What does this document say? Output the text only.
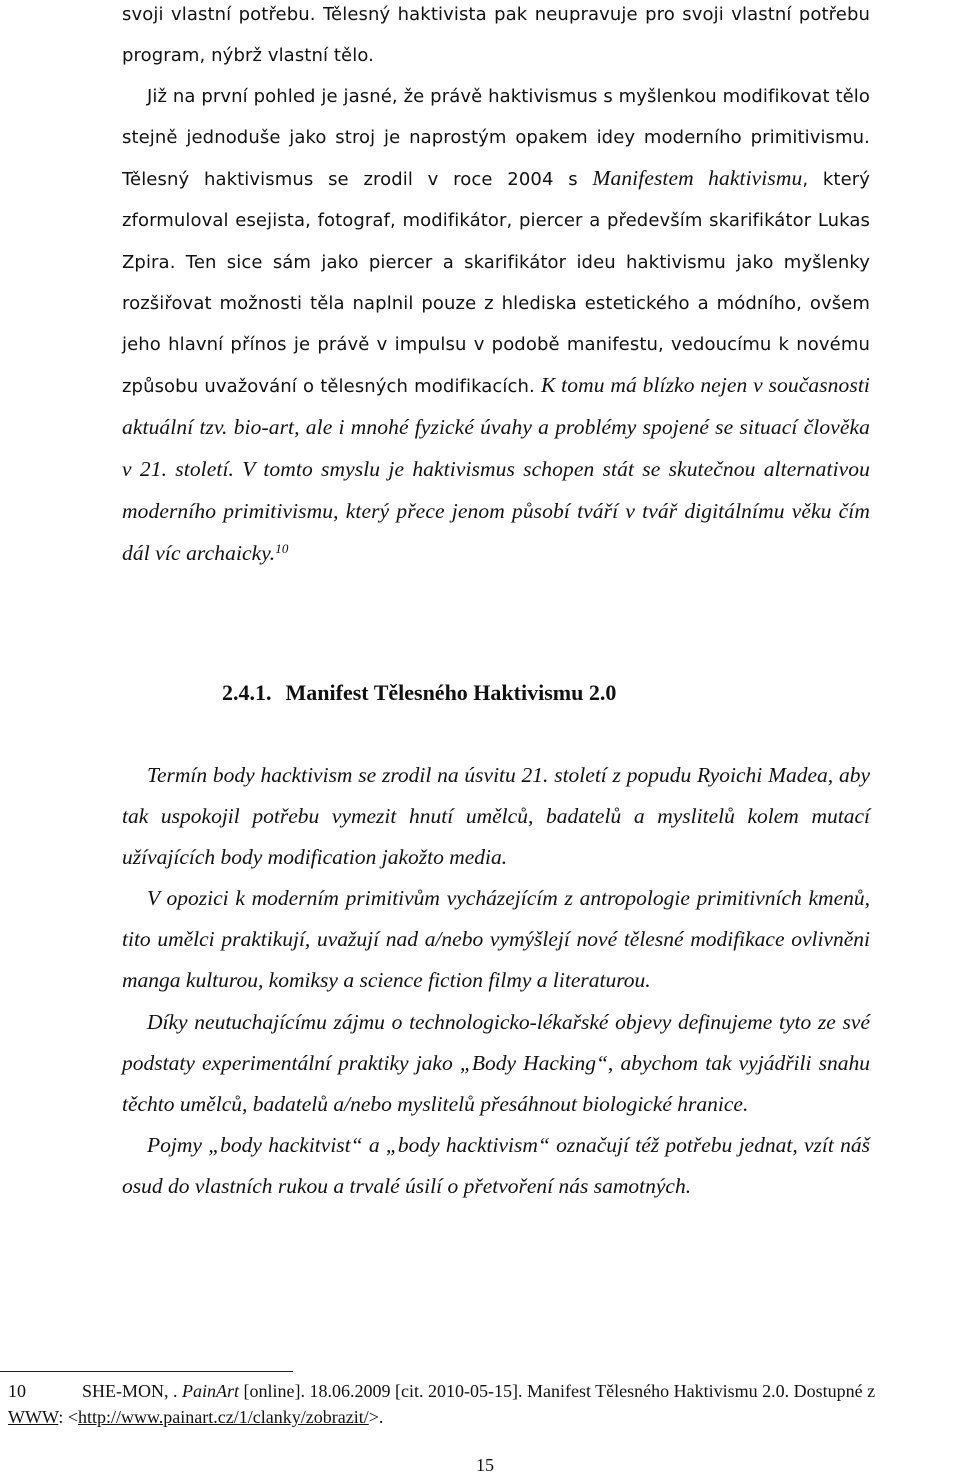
svoji vlastní potřebu. Tělesný haktivista pak neupravuje pro svoji vlastní potřebu program, nýbrž vlastní tělo.

Již na první pohled je jasné, že právě haktivismus s myšlenkou modifikovat tělo stejně jednoduše jako stroj je naprostým opakem idey moderního primitivismu. Tělesný haktivismus se zrodil v roce 2004 s Manifestem haktivismu, který zformuloval esejista, fotograf, modifikátor, piercer a především skarifikátor Lukas Zpira. Ten sice sám jako piercer a skarifikátor ideu haktivismu jako myšlenky rozšiřovat možnosti těla naplnil pouze z hlediska estetického a módního, ovšem jeho hlavní přínos je právě v impulsu v podobě manifestu, vedoucímu k novému způsobu uvažování o tělesných modifikacích. K tomu má blízko nejen v současnosti aktuální tzv. bio-art, ale i mnohé fyzické úvahy a problémy spojené se situací člověka v 21. století. V tomto smyslu je haktivismus schopen stát se skutečnou alternativou moderního primitivismu, který přece jenom působí tváří v tvář digitálnímu věku čím dál víc archaicky.$^{10}$

2.4.1. Manifest Tělesného Haktivismu 2.0

Termín body hacktivism se zrodil na úsvitu 21. století z popudu Ryoichi Madea, aby tak uspokojil potřebu vymezit hnutí umělců, badatelů a myslitelů kolem mutací užívajících body modification jakožto media.

V opozici k moderním primitivům vycházejícím z antropologie primitivních kmenů, tito umělci praktikují, uvažují nad a/nebo vymýšlejí nové tělesné modifikace ovlivněni manga kulturou, komiksy a science fiction filmy a literaturou.

Díky neutuchajícímu zájmu o technologicko-lékařské objevy definujeme tyto ze své podstaty experimentální praktiky jako „Body Hacking“, abychom tak vyjádřili snahu těchto umělců, badatelů a/nebo myslitelů přesáhnout biologické hranice.

Pojmy „body hackitvist“ a „body hacktivism“ označují též potřebu jednat, vzít náš osud do vlastních rukou a trvalé úsilí o přetvoření nás samotných.

10	SHE-MON, . PainArt [online]. 18.06.2009 [cit. 2010-05-15]. Manifest Tělesného Haktivismu 2.0. Dostupné z
WWW: <http://www.painart.cz/1/clanky/zobrazit/>.
15
